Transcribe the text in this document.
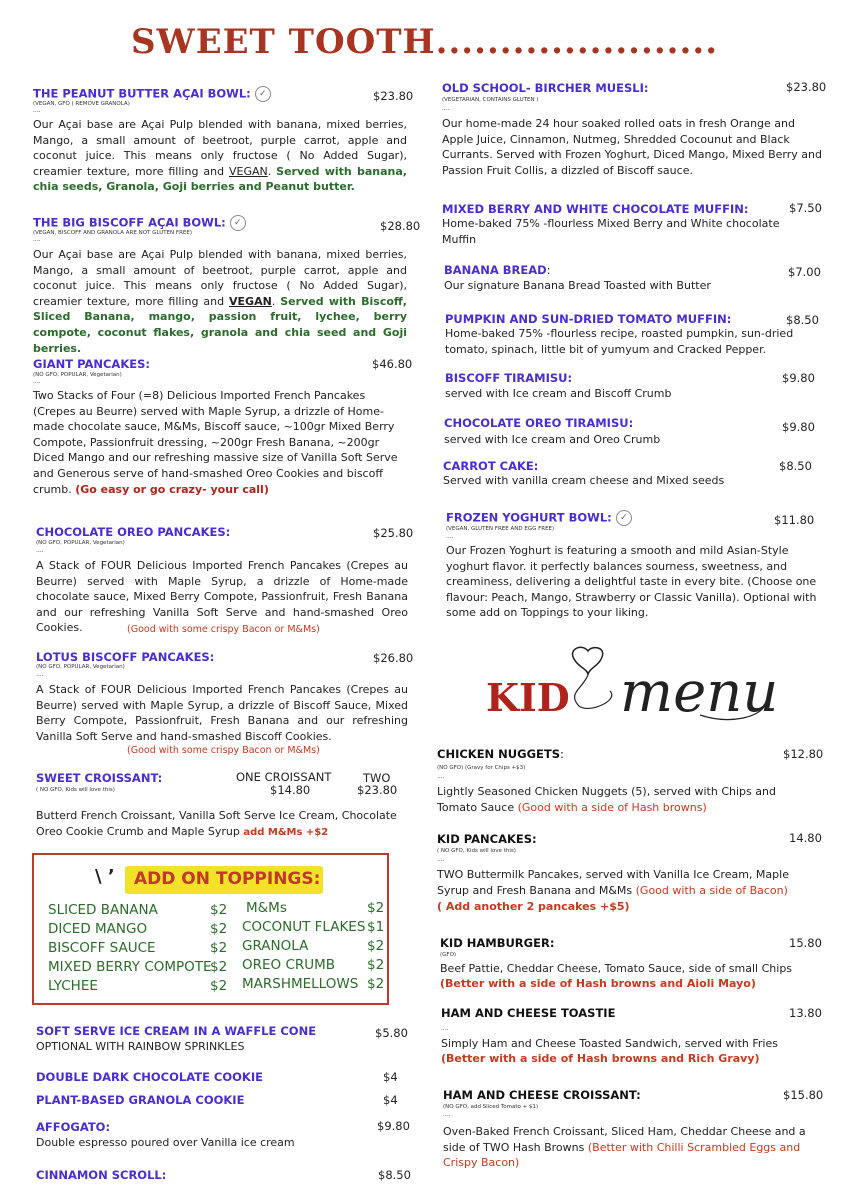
SWEET TOOTH......................
THE PEANUT BUTTER AÇAI BOWL: ✓	$23.80
(VEGAN, GFO ( REMOVE GRANOLA)
....
Our Açai base are Açai Pulp blended with banana, mixed berries, Mango, a small amount of beetroot, purple carrot, apple and coconut juice. This means only fructose ( No Added Sugar), creamier texture, more filling and VEGAN. Served with banana, chia seeds, Granola, Goji berries and Peanut butter.
THE BIG BISCOFF AÇAI BOWL: ✓	$28.80
(VEGAN, BISCOFF AND GRANOLA ARE NOT GLUTEN FREE)
....
Our Açai base are Açai Pulp blended with banana, mixed berries, Mango, a small amount of beetroot, purple carrot, apple and coconut juice. This means only fructose ( No Added Sugar), creamier texture, more filling and VEGAN. Served with Biscoff, Sliced Banana, mango, passion fruit, lychee, berry compote, coconut flakes, granola and chia seed and Goji berries.
GIANT PANCAKES:	$46.80
(NO GFO, POPULAR, Vegetarian)
....
Two Stacks of Four (=8) Delicious Imported French Pancakes (Crepes au Beurre) served with Maple Syrup, a drizzle of Home-made chocolate sauce, M&Ms, Biscoff sauce, ~100gr Mixed Berry Compote, Passionfruit dressing, ~200gr Fresh Banana, ~200gr Diced Mango and our refreshing massive size of Vanilla Soft Serve and Generous serve of hand-smashed Oreo Cookies and biscoff crumb. (Go easy or go crazy- your call)
CHOCOLATE OREO PANCAKES:	$25.80
(NO GFO, POPULAR, Vegetarian)
....
A Stack of FOUR Delicious Imported French Pancakes (Crepes au Beurre) served with Maple Syrup, a drizzle of Home-made chocolate sauce, Mixed Berry Compote, Passionfruit, Fresh Banana and our refreshing Vanilla Soft Serve and hand-smashed Oreo Cookies.	(Good with some crispy Bacon or M&Ms)
LOTUS BISCOFF PANCAKES:	$26.80
(NO GFO, POPULAR, Vegetarian)
....
A Stack of FOUR Delicious Imported French Pancakes (Crepes au Beurre) served with Maple Syrup, a drizzle of Biscoff Sauce, Mixed Berry Compote, Passionfruit, Fresh Banana and our refreshing Vanilla Soft Serve and hand-smashed Biscoff Cookies.
(Good with some crispy Bacon or M&Ms)
SWEET CROISSANT:
( NO GFO, Kids will love this)
ONE CROISSANT
$14.80
TWO
$23.80
Butterd French Croissant, Vanilla Soft Serve Ice Cream, Chocolate Oreo Cookie Crumb and Maple Syrup add M&Ms +$2
\ ’ ADD ON TOPPINGS:
SLICED BANANA	$2
DICED MANGO	$2
BISCOFF SAUCE	$2
MIXED BERRY COMPOTE
$2
LYCHEE	$2
M&Ms	$2
COCONUT FLAKES $1
GRANOLA	$2
OREO CRUMB $2
MARSHMELLOWS $2
SOFT SERVE ICE CREAM IN A WAFFLE CONE	$5.80
OPTIONAL WITH RAINBOW SPRINKLES
DOUBLE DARK CHOCOLATE COOKIE	$4
PLANT-BASED GRANOLA COOKIE	$4
AFFOGATO:	$9.80
Double espresso poured over Vanilla ice cream
CINNAMON SCROLL:	$8.50
OLD SCHOOL- BIRCHER MUESLI:	$23.80
(VEGETARIAN, CONTAINS GLUTEN )
....
Our home-made 24 hour soaked rolled oats in fresh Orange and Apple Juice, Cinnamon, Nutmeg, Shredded Cocounut and Black Currants. Served with Frozen Yoghurt, Diced Mango, Mixed Berry and Passion Fruit Collis, a dizzled of Biscoff sauce.
MIXED BERRY AND WHITE CHOCOLATE MUFFIN:	$7.50
Home-baked 75% -flourless Mixed Berry and White chocolate Muffin
BANANA BREAD:	$7.00
Our signature Banana Bread Toasted with Butter
PUMPKIN AND SUN-DRIED TOMATO MUFFIN:	$8.50
Home-baked 75% -flourless recipe, roasted pumpkin, sun-dried tomato, spinach, little bit of yumyum and Cracked Pepper.
BISCOFF TIRAMISU:	$9.80
served with Ice cream and Biscoff Crumb
CHOCOLATE OREO TIRAMISU:	$9.80
served with Ice cream and Oreo Crumb
CARROT CAKE:	$8.50
Served with vanilla cream cheese and Mixed seeds
FROZEN YOGHURT BOWL: ✓	$11.80
(VEGAN, GLUTEN FREE AND EGG FREE)
....
Our Frozen Yoghurt is featuring a smooth and mild Asian-Style yoghurt flavor. it perfectly balances sourness, sweetness, and creaminess, delivering a delightful taste in every bite. (Choose one flavour: Peach, Mango, Strawberry or Classic Vanilla). Optional with some add on Toppings to your liking.
KID menu
CHICKEN NUGGETS:	$12.80
(NO GFO) (Gravy for Chips +$3)
....
Lightly Seasoned Chicken Nuggets (5), served with Chips and Tomato Sauce (Good with a side of Hash browns)
KID PANCAKES:	14.80
( NO GFO, Kids will love this)
....
TWO Buttermilk Pancakes, served with Vanilla Ice Cream, Maple Syrup and Fresh Banana and M&Ms (Good with a side of Bacon)
( Add another 2 pancakes +$5)
KID HAMBURGER:	15.80
(GFO)
Beef Pattie, Cheddar Cheese, Tomato Sauce, side of small Chips
(Better with a side of Hash browns and Aioli Mayo)
HAM AND CHEESE TOASTIE	13.80
....
Simply Ham and Cheese Toasted Sandwich, served with Fries
(Better with a side of Hash browns and Rich Gravy)
HAM AND CHEESE CROISSANT:	$15.80
(NO GFO, add Sliced Tomato + $1)
....
Oven-Baked French Croissant, Sliced Ham, Cheddar Cheese and a side of TWO Hash Browns (Better with Chilli Scrambled Eggs and Crispy Bacon)
